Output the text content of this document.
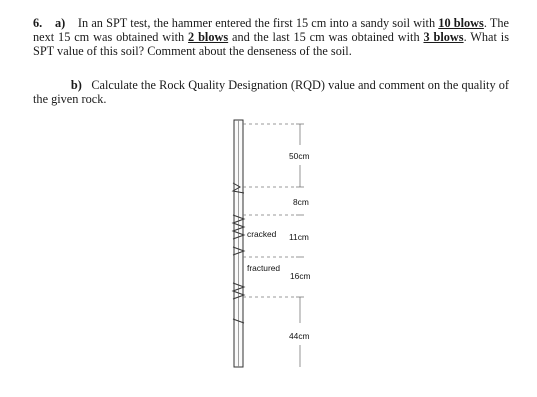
6. a) In an SPT test, the hammer entered the first 15 cm into a sandy soil with 10 blows. The next 15 cm was obtained with 2 blows and the last 15 cm was obtained with 3 blows. What is SPT value of this soil? Comment about the denseness of the soil.
b) Calculate the Rock Quality Designation (RQD) value and comment on the quality of the given rock.
50cm
8cm
cracked 11cm
fractured
16cm
44cm
